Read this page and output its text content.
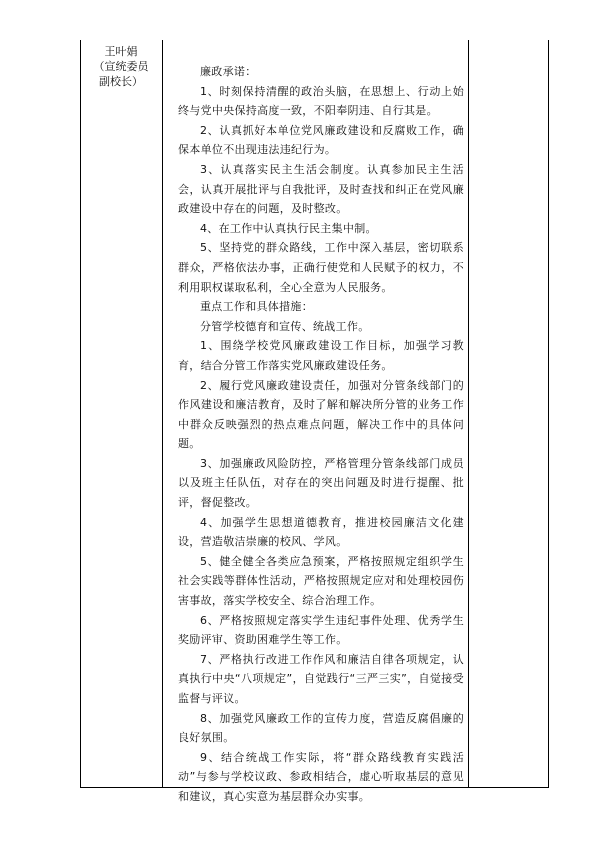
王叶娟
（宣统委员
副校长）

廉政承诺：

1、时刻保持清醒的政治头脑，在思想上、行动上始终与党中央保持高度一致，不阳奉阴违、自行其是。

2、认真抓好本单位党风廉政建设和反腐败工作，确保本单位不出现违法违纪行为。

3、认真落实民主生活会制度。认真参加民主生活会，认真开展批评与自我批评，及时查找和纠正在党风廉政建设中存在的问题，及时整改。

4、在工作中认真执行民主集中制。

5、坚持党的群众路线，工作中深入基层，密切联系群众，严格依法办事，正确行使党和人民赋予的权力，不利用职权谋取私利，全心全意为人民服务。

重点工作和具体措施：

分管学校德育和宣传、统战工作。

1、围绕学校党风廉政建设工作目标，加强学习教育，结合分管工作落实党风廉政建设任务。

2、履行党风廉政建设责任，加强对分管条线部门的作风建设和廉洁教育，及时了解和解决所分管的业务工作中群众反映强烈的热点难点问题，解决工作中的具体问题。

3、加强廉政风险防控，严格管理分管条线部门成员以及班主任队伍，对存在的突出问题及时进行提醒、批评，督促整改。

4、加强学生思想道德教育，推进校园廉洁文化建设，营造敬洁崇廉的校风、学风。

5、健全健全各类应急预案，严格按照规定组织学生社会实践等群体性活动，严格按照规定应对和处理校园伤害事故，落实学校安全、综合治理工作。

6、严格按照规定落实学生违纪事件处理、优秀学生奖励评审、资助困难学生等工作。

7、严格执行改进工作作风和廉洁自律各项规定，认真执行中央“八项规定”，自觉践行“三严三实”，自觉接受监督与评议。

8、加强党风廉政工作的宣传力度，营造反腐倡廉的良好氛围。

9、结合统战工作实际，将“群众路线教育实践活动”与参与学校议政、参政相结合，虚心听取基层的意见和建议，真心实意为基层群众办实事。
